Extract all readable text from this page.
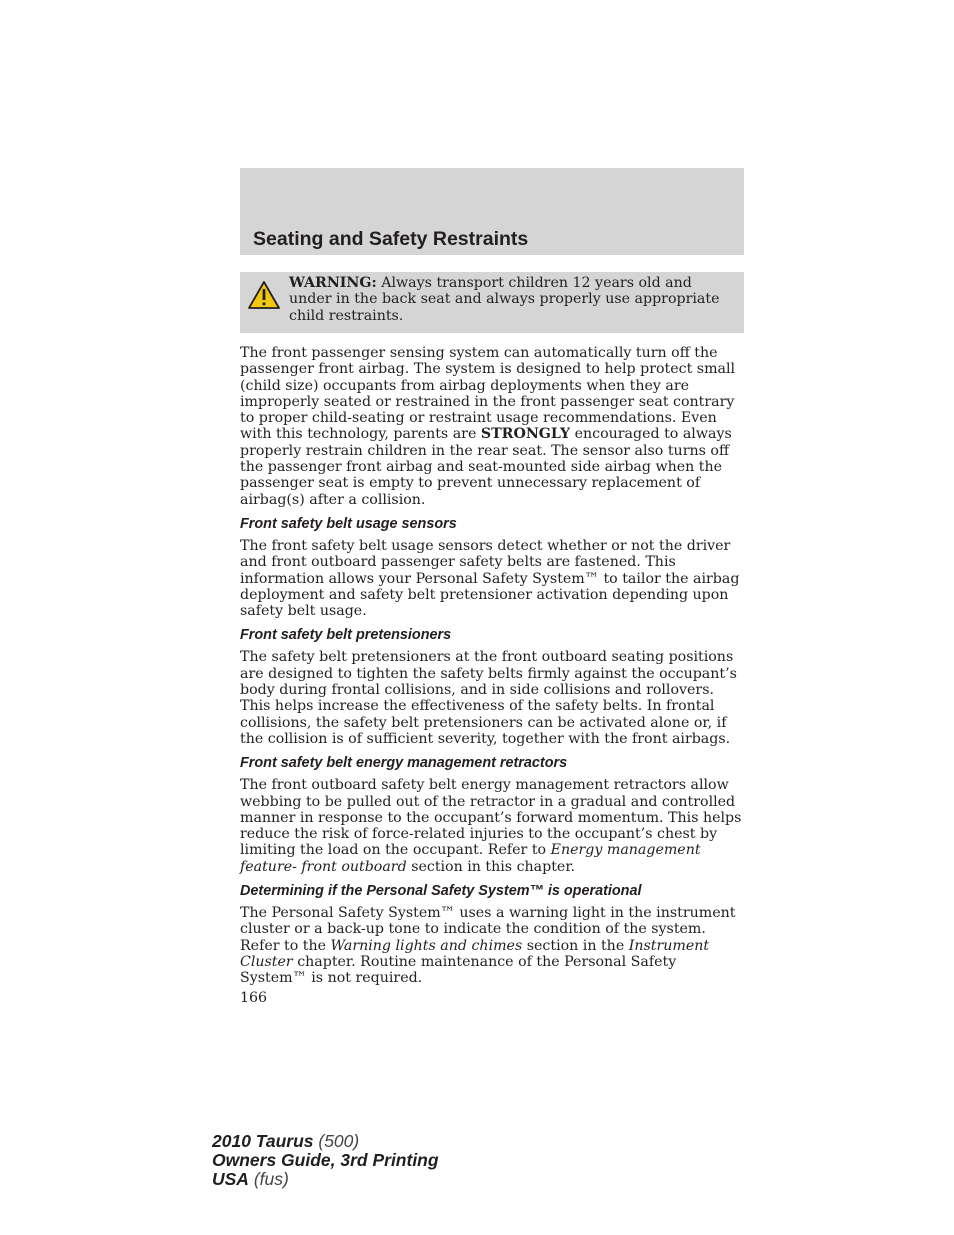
Seating and Safety Restraints
WARNING: Always transport children 12 years old and under in the back seat and always properly use appropriate child restraints.

The front passenger sensing system can automatically turn off the passenger front airbag. The system is designed to help protect small (child size) occupants from airbag deployments when they are improperly seated or restrained in the front passenger seat contrary to proper child-seating or restraint usage recommendations. Even with this technology, parents are STRONGLY encouraged to always properly restrain children in the rear seat. The sensor also turns off the passenger front airbag and seat-mounted side airbag when the passenger seat is empty to prevent unnecessary replacement of airbag(s) after a collision.

Front safety belt usage sensors

The front safety belt usage sensors detect whether or not the driver and front outboard passenger safety belts are fastened. This information allows your Personal Safety System™ to tailor the airbag deployment and safety belt pretensioner activation depending upon safety belt usage.

Front safety belt pretensioners

The safety belt pretensioners at the front outboard seating positions are designed to tighten the safety belts firmly against the occupant’s body during frontal collisions, and in side collisions and rollovers. This helps increase the effectiveness of the safety belts. In frontal collisions, the safety belt pretensioners can be activated alone or, if the collision is of sufficient severity, together with the front airbags.

Front safety belt energy management retractors

The front outboard safety belt energy management retractors allow webbing to be pulled out of the retractor in a gradual and controlled manner in response to the occupant’s forward momentum. This helps reduce the risk of force-related injuries to the occupant’s chest by limiting the load on the occupant. Refer to Energy management feature- front outboard section in this chapter.

Determining if the Personal Safety System™ is operational

The Personal Safety System™ uses a warning light in the instrument cluster or a back-up tone to indicate the condition of the system. Refer to the Warning lights and chimes section in the Instrument Cluster chapter. Routine maintenance of the Personal Safety System™ is not required.

166

2010 Taurus (500)
Owners Guide, 3rd Printing
USA (fus)
